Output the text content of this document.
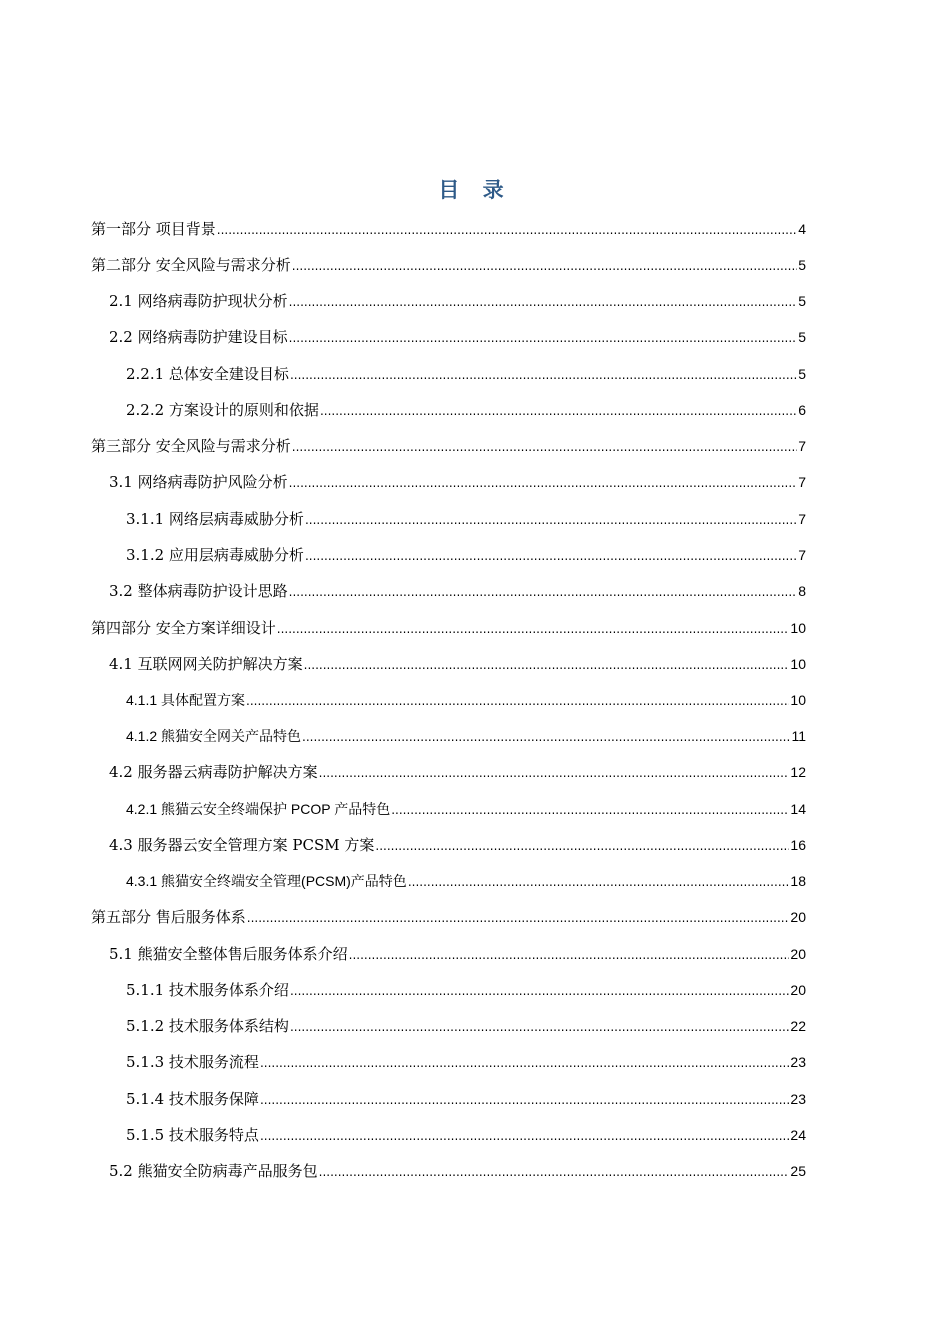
目 录
第一部分 项目背景 .....	4
第二部分 安全风险与需求分析 .....	5
2.1 网络病毒防护现状分析 .....	5
2.2 网络病毒防护建设目标 .....	5
2.2.1 总体安全建设目标 .....	5
2.2.2 方案设计的原则和依据 .....	6
第三部分 安全风险与需求分析 .....	7
3.1 网络病毒防护风险分析 .....	7
3.1.1 网络层病毒威胁分析 .....	7
3.1.2 应用层病毒威胁分析 .....	7
3.2 整体病毒防护设计思路 .....	8
第四部分 安全方案详细设计 .....	10
4.1 互联网网关防护解决方案 .....	10
4.1.1 具体配置方案 .....	10
4.1.2 熊猫安全网关产品特色 .....	11
4.2 服务器云病毒防护解决方案 .....	12
4.2.1 熊猫云安全终端保护 PCOP 产品特色 .....	14
4.3 服务器云安全管理方案 PCSM 方案 .....	16
4.3.1 熊猫安全终端安全管理(PCSM)产品特色 .....	18
第五部分 售后服务体系 .....	20
5.1 熊猫安全整体售后服务体系介绍 .....	20
5.1.1 技术服务体系介绍 .....	20
5.1.2 技术服务体系结构 .....	22
5.1.3 技术服务流程 .....	23
5.1.4 技术服务保障 .....	23
5.1.5 技术服务特点 .....	24
5.2 熊猫安全防病毒产品服务包 .....	25
